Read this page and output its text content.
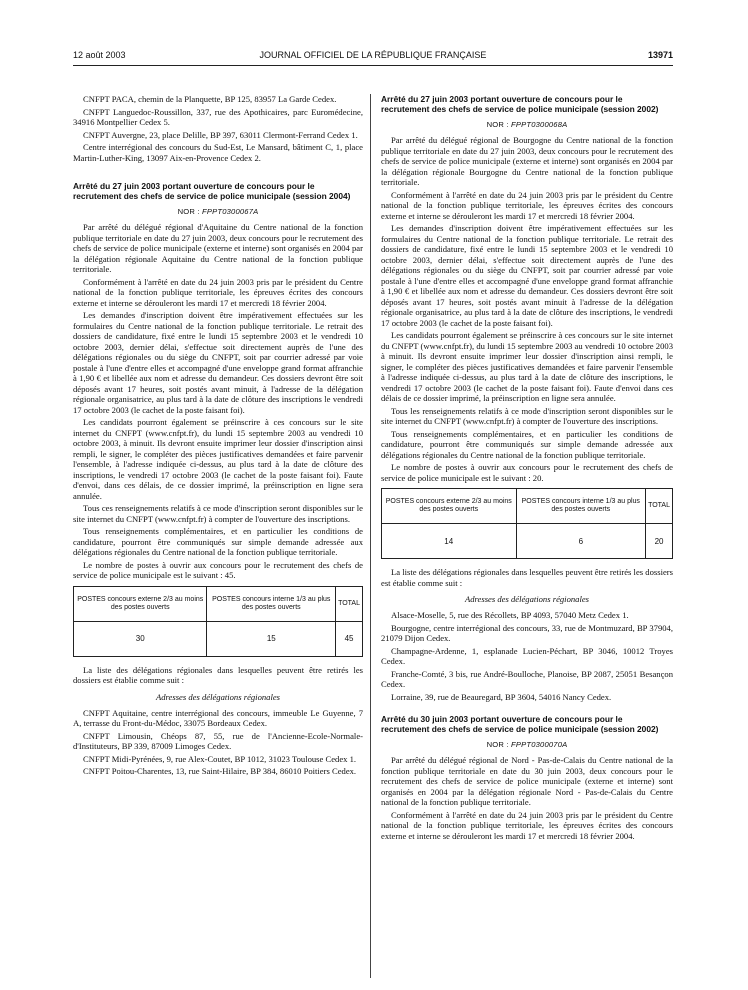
12 août 2003	JOURNAL OFFICIEL DE LA RÉPUBLIQUE FRANÇAISE	13971

CNFPT PACA, chemin de la Planquette, BP 125, 83957 La Garde Cedex.

CNFPT Languedoc-Roussillon, 337, rue des Apothicaires, parc Euromédecine, 34916 Montpellier Cedex 5.

CNFPT Auvergne, 23, place Delille, BP 397, 63011 Clermont-Ferrand Cedex 1.

Centre interrégional des concours du Sud-Est, Le Mansard, bâtiment C, 1, place Martin-Luther-King, 13097 Aix-en-Provence Cedex 2.

Arrêté du 27 juin 2003 portant ouverture de concours pour le recrutement des chefs de service de police municipale (session 2004)
NOR : FPPT0300067A

Par arrêté du délégué régional d'Aquitaine du Centre national de la fonction publique territoriale en date du 27 juin 2003, deux concours pour le recrutement des chefs de service de police municipale (externe et interne) sont organisés en 2004 par la délégation régionale Aquitaine du Centre national de la fonction publique territoriale.

Conformément à l'arrêté en date du 24 juin 2003 pris par le président du Centre national de la fonction publique territoriale, les épreuves écrites des concours externe et interne se dérouleront les mardi 17 et mercredi 18 février 2004.

Les demandes d'inscription doivent être impérativement effectuées sur les formulaires du Centre national de la fonction publique territoriale. Le retrait des dossiers de candidature, fixé entre le lundi 15 septembre 2003 et le vendredi 10 octobre 2003, dernier délai, s'effectue soit directement auprès de l'une des délégations régionales ou du siège du CNFPT, soit par courrier adressé par voie postale à l'une d'entre elles et accompagné d'une enveloppe grand format affranchie à 1,90 € et libellée aux nom et adresse du demandeur. Ces dossiers devront être soit déposés avant 17 heures, soit postés avant minuit, à l'adresse de la délégation régionale organisatrice, au plus tard à la date de clôture des inscriptions le vendredi 17 octobre 2003 (le cachet de la poste faisant foi).

Les candidats pourront également se préinscrire à ces concours sur le site internet du CNFPT (www.cnfpt.fr), du lundi 15 septembre 2003 au vendredi 10 octobre 2003, à minuit. Ils devront ensuite imprimer leur dossier d'inscription ainsi rempli, le signer, le compléter des pièces justificatives demandées et faire parvenir l'ensemble, à l'adresse indiquée ci-dessus, au plus tard à la date de clôture des inscriptions, le vendredi 17 octobre 2003 (le cachet de la poste faisant foi). Faute d'envoi, dans ces délais, de ce dossier imprimé, la préinscription en ligne sera annulée.

Tous ces renseignements relatifs à ce mode d'inscription seront disponibles sur le site internet du CNFPT (www.cnfpt.fr) à compter de l'ouverture des inscriptions.

Tous renseignements complémentaires, et en particulier les conditions de candidature, pourront être communiqués sur simple demande adressée aux délégations régionales du Centre national de la fonction publique territoriale.

Le nombre de postes à ouvrir aux concours pour le recrutement des chefs de service de police municipale est le suivant : 45.

POSTES concours externe 2/3 au moins des postes ouverts	POSTES concours interne 1/3 au plus des postes ouverts	TOTAL
30	15	45

La liste des délégations régionales dans lesquelles peuvent être retirés les dossiers est établie comme suit :

Adresses des délégations régionales

CNFPT Aquitaine, centre interrégional des concours, immeuble Le Guyenne, 7 A, terrasse du Front-du-Médoc, 33075 Bordeaux Cedex.

CNFPT Limousin, Chéops 87, 55, rue de l'Ancienne-Ecole-Normale-d'Instituteurs, BP 339, 87009 Limoges Cedex.

CNFPT Midi-Pyrénées, 9, rue Alex-Coutet, BP 1012, 31023 Toulouse Cedex 1.

CNFPT Poitou-Charentes, 13, rue Saint-Hilaire, BP 384, 86010 Poitiers Cedex.

Arrêté du 27 juin 2003 portant ouverture de concours pour le recrutement des chefs de service de police municipale (session 2002)
NOR : FPPT0300068A

Par arrêté du délégué régional de Bourgogne du Centre national de la fonction publique territoriale en date du 27 juin 2003, deux concours pour le recrutement des chefs de service de police municipale (externe et interne) sont organisés en 2004 par la délégation régionale Bourgogne du Centre national de la fonction publique territoriale.

Conformément à l'arrêté en date du 24 juin 2003 pris par le président du Centre national de la fonction publique territoriale, les épreuves écrites des concours externe et interne se dérouleront les mardi 17 et mercredi 18 février 2004.

Les demandes d'inscription doivent être impérativement effectuées sur les formulaires du Centre national de la fonction publique territoriale. Le retrait des dossiers de candidature, fixé entre le lundi 15 septembre 2003 et le vendredi 10 octobre 2003, dernier délai, s'effectue soit directement auprès de l'une des délégations régionales ou du siège du CNFPT, soit par courrier adressé par voie postale à l'une d'entre elles et accompagné d'une enveloppe grand format affranchie à 1,90 € et libellée aux nom et adresse du demandeur. Ces dossiers devront être soit déposés avant 17 heures, soit postés avant minuit à l'adresse de la délégation régionale organisatrice, au plus tard à la date de clôture des inscriptions, le vendredi 17 octobre 2003 (le cachet de la poste faisant foi).

Les candidats pourront également se préinscrire à ces concours sur le site internet du CNFPT (www.cnfpt.fr), du lundi 15 septembre 2003 au vendredi 10 octobre 2003 à minuit. Ils devront ensuite imprimer leur dossier d'inscription ainsi rempli, le signer, le compléter des pièces justificatives demandées et faire parvenir l'ensemble à l'adresse indiquée ci-dessus, au plus tard à la date de clôture des inscriptions, le vendredi 17 octobre 2003 (le cachet de la poste faisant foi). Faute d'envoi dans ces délais de ce dossier imprimé, la préinscription en ligne sera annulée.

Tous les renseignements relatifs à ce mode d'inscription seront disponibles sur le site internet du CNFPT (www.cnfpt.fr) à compter de l'ouverture des inscriptions.

Tous renseignements complémentaires, et en particulier les conditions de candidature, pourront être communiqués sur simple demande adressée aux délégations régionales du Centre national de la fonction publique territoriale.

Le nombre de postes à ouvrir aux concours pour le recrutement des chefs de service de police municipale est le suivant : 20.

POSTES concours externe 2/3 au moins des postes ouverts	POSTES concours interne 1/3 au plus des postes ouverts	TOTAL
14	6	20

La liste des délégations régionales dans lesquelles peuvent être retirés les dossiers est établie comme suit :

Adresses des délégations régionales

Alsace-Moselle, 5, rue des Récollets, BP 4093, 57040 Metz Cedex 1.

Bourgogne, centre interrégional des concours, 33, rue de Montmuzard, BP 37904, 21079 Dijon Cedex.

Champagne-Ardenne, 1, esplanade Lucien-Péchart, BP 3046, 10012 Troyes Cedex.

Franche-Comté, 3 bis, rue André-Boulloche, Planoise, BP 2087, 25051 Besançon Cedex.

Lorraine, 39, rue de Beauregard, BP 3604, 54016 Nancy Cedex.

Arrêté du 30 juin 2003 portant ouverture de concours pour le recrutement des chefs de service de police municipale (session 2002)
NOR : FPPT0300070A

Par arrêté du délégué régional de Nord - Pas-de-Calais du Centre national de la fonction publique territoriale en date du 30 juin 2003, deux concours pour le recrutement des chefs de service de police municipale (externe et interne) sont organisés en 2004 par la délégation régionale Nord - Pas-de-Calais du Centre national de la fonction publique territoriale.

Conformément à l'arrêté en date du 24 juin 2003 pris par le président du Centre national de la fonction publique territoriale, les épreuves écrites des concours externe et interne se dérouleront les mardi 17 et mercredi 18 février 2004.
